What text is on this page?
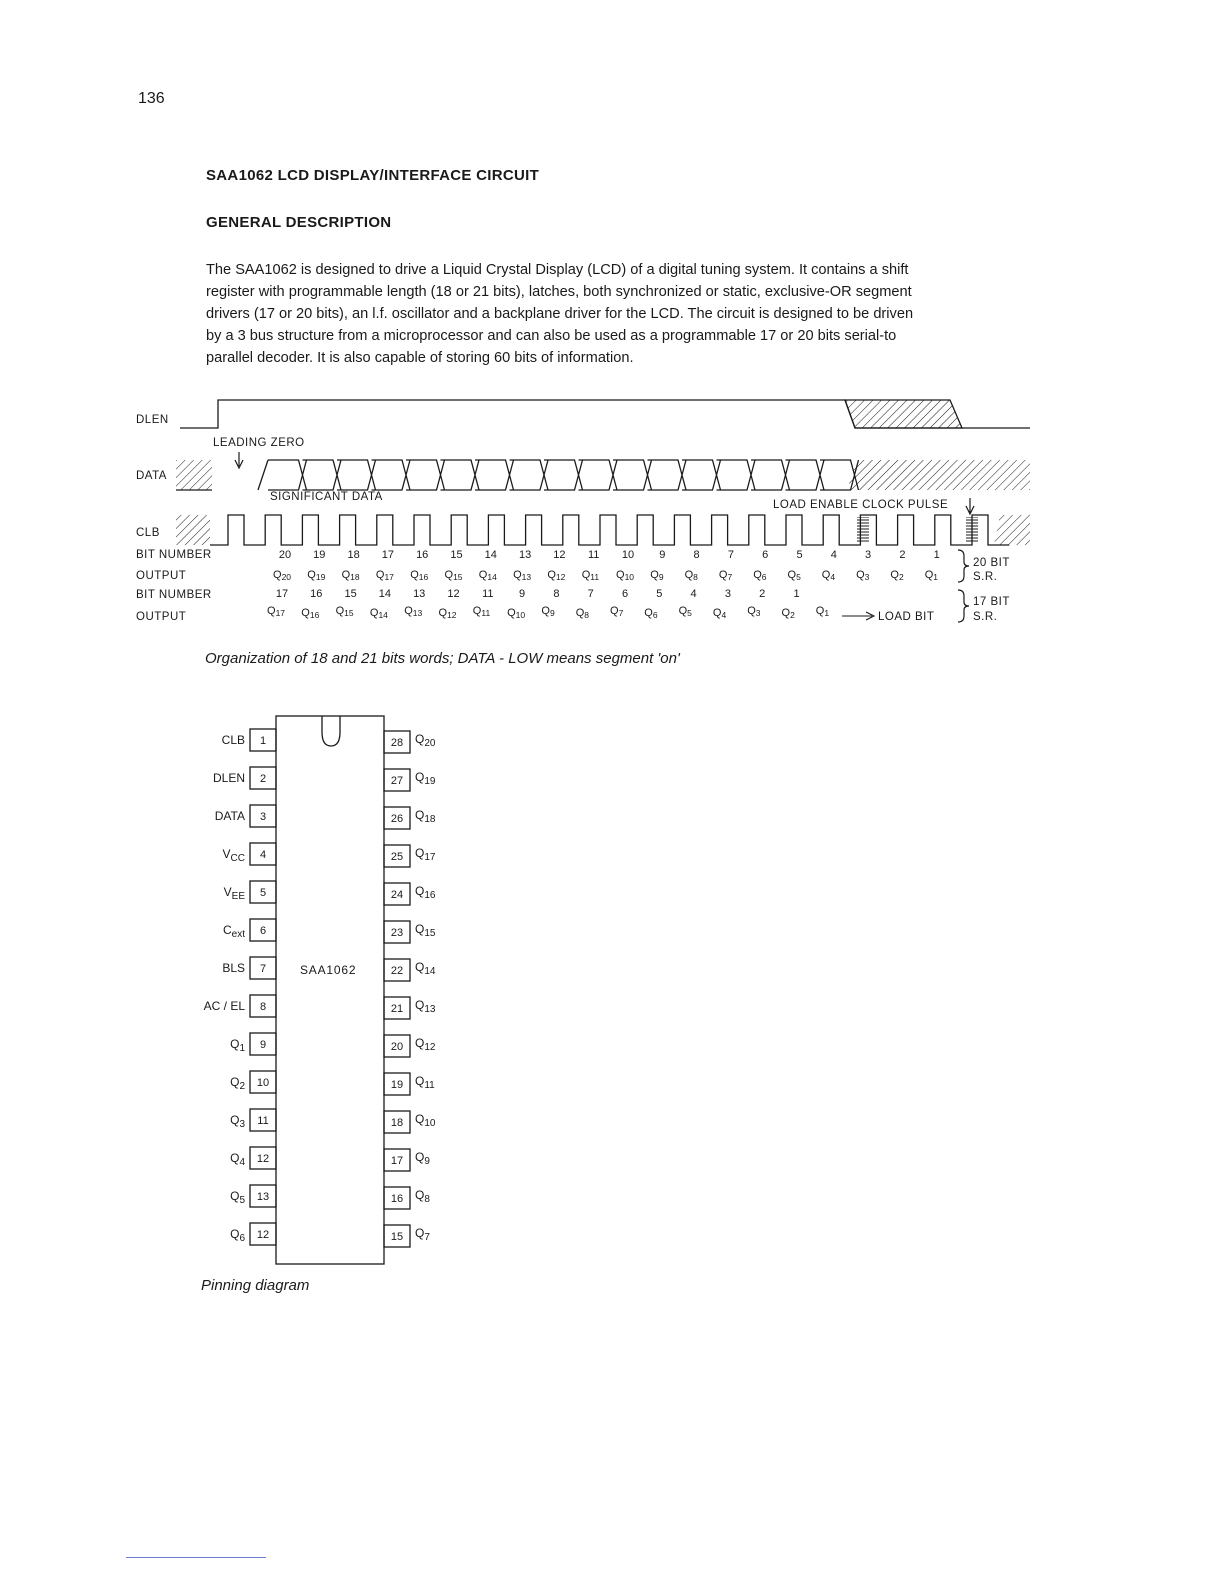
136
SAA1062 LCD DISPLAY/INTERFACE CIRCUIT
GENERAL DESCRIPTION
The SAA1062 is designed to drive a Liquid Crystal Display (LCD) of a digital tuning system. It contains a shift
register with programmable length (18 or 21 bits), latches, both synchronized or static, exclusive-OR segment
drivers (17 or 20 bits), an l.f. oscillator and a backplane driver for the LCD. The circuit is designed to be driven
by a 3 bus structure from a microprocessor and can also be used as a programmable 17 or 20 bits serial-to
parallel decoder. It is also capable of storing 60 bits of information.
DLEN
DATA
CLB
LEADING ZERO
SIGNIFICANT DATA
LOAD ENABLE CLOCK PULSE
BIT NUMBER
OUTPUT
BIT NUMBER
OUTPUT
20 19 18 17 16 15 14 13 12 11 10 9	8	7	6	5	4	3	2	1
Q20 Q19 Q18 Q17 Q16 Q15 Q14 Q13 Q12 Q11 Q10 Q9 Q8 Q7 Q6 Q5 Q4 Q3 Q2 Q1
17 16 15 14 13 12 11 9	8	7	6	5	4	3	2	1
Q17 Q16 Q15 Q14 Q13 Q12 Q11 Q10 Q9 Q8 Q7 Q6 Q5 Q4 Q3 Q2 Q1
20 BIT
S.R.
17 BIT
S.R.
LOAD BIT
Organization of 18 and 21 bits words; DATA - LOW means segment 'on'
SAA1062
1
CLB
2
DLEN
3
DATA
4
$V_{CC}$
5
$V_{EE}$
6
$C_{ext}$
7
BLS
8
AC / EL
9
$Q_1$
10
$Q_2$
11
$Q_3$
12
$Q_4$
13
$Q_5$
12
$Q_6$
28 $Q_{20}$
27 $Q_{19}$
26 $Q_{18}$
25 $Q_{17}$
24 $Q_{16}$
23 $Q_{15}$
22 $Q_{14}$
21 $Q_{13}$
20 $Q_{12}$
19 $Q_{11}$
18 $Q_{10}$
17 $Q_9$
16 $Q_8$
15 $Q_7$
Pinning diagram
